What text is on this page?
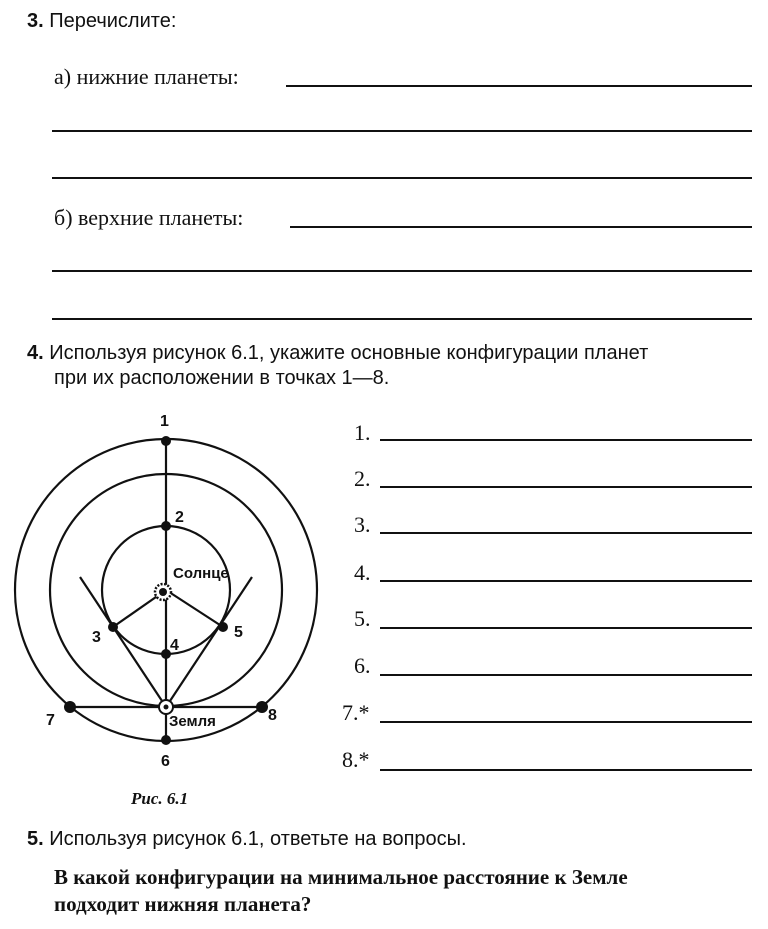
3. Перечислите:
а) нижние планеты:
б) верхние планеты:
4. Используя рисунок 6.1, укажите основные конфигурации планет
при их расположении в точках 1—8.
1.
2.
3.
4.
5.
6.
7.*
8.*
1
2
3	4
5
6
7	8
Солнце
Земля
Рис. 6.1
5. Используя рисунок 6.1, ответьте на вопросы.
В какой конфигурации на минимальное расстояние к Земле
подходит нижняя планета?
